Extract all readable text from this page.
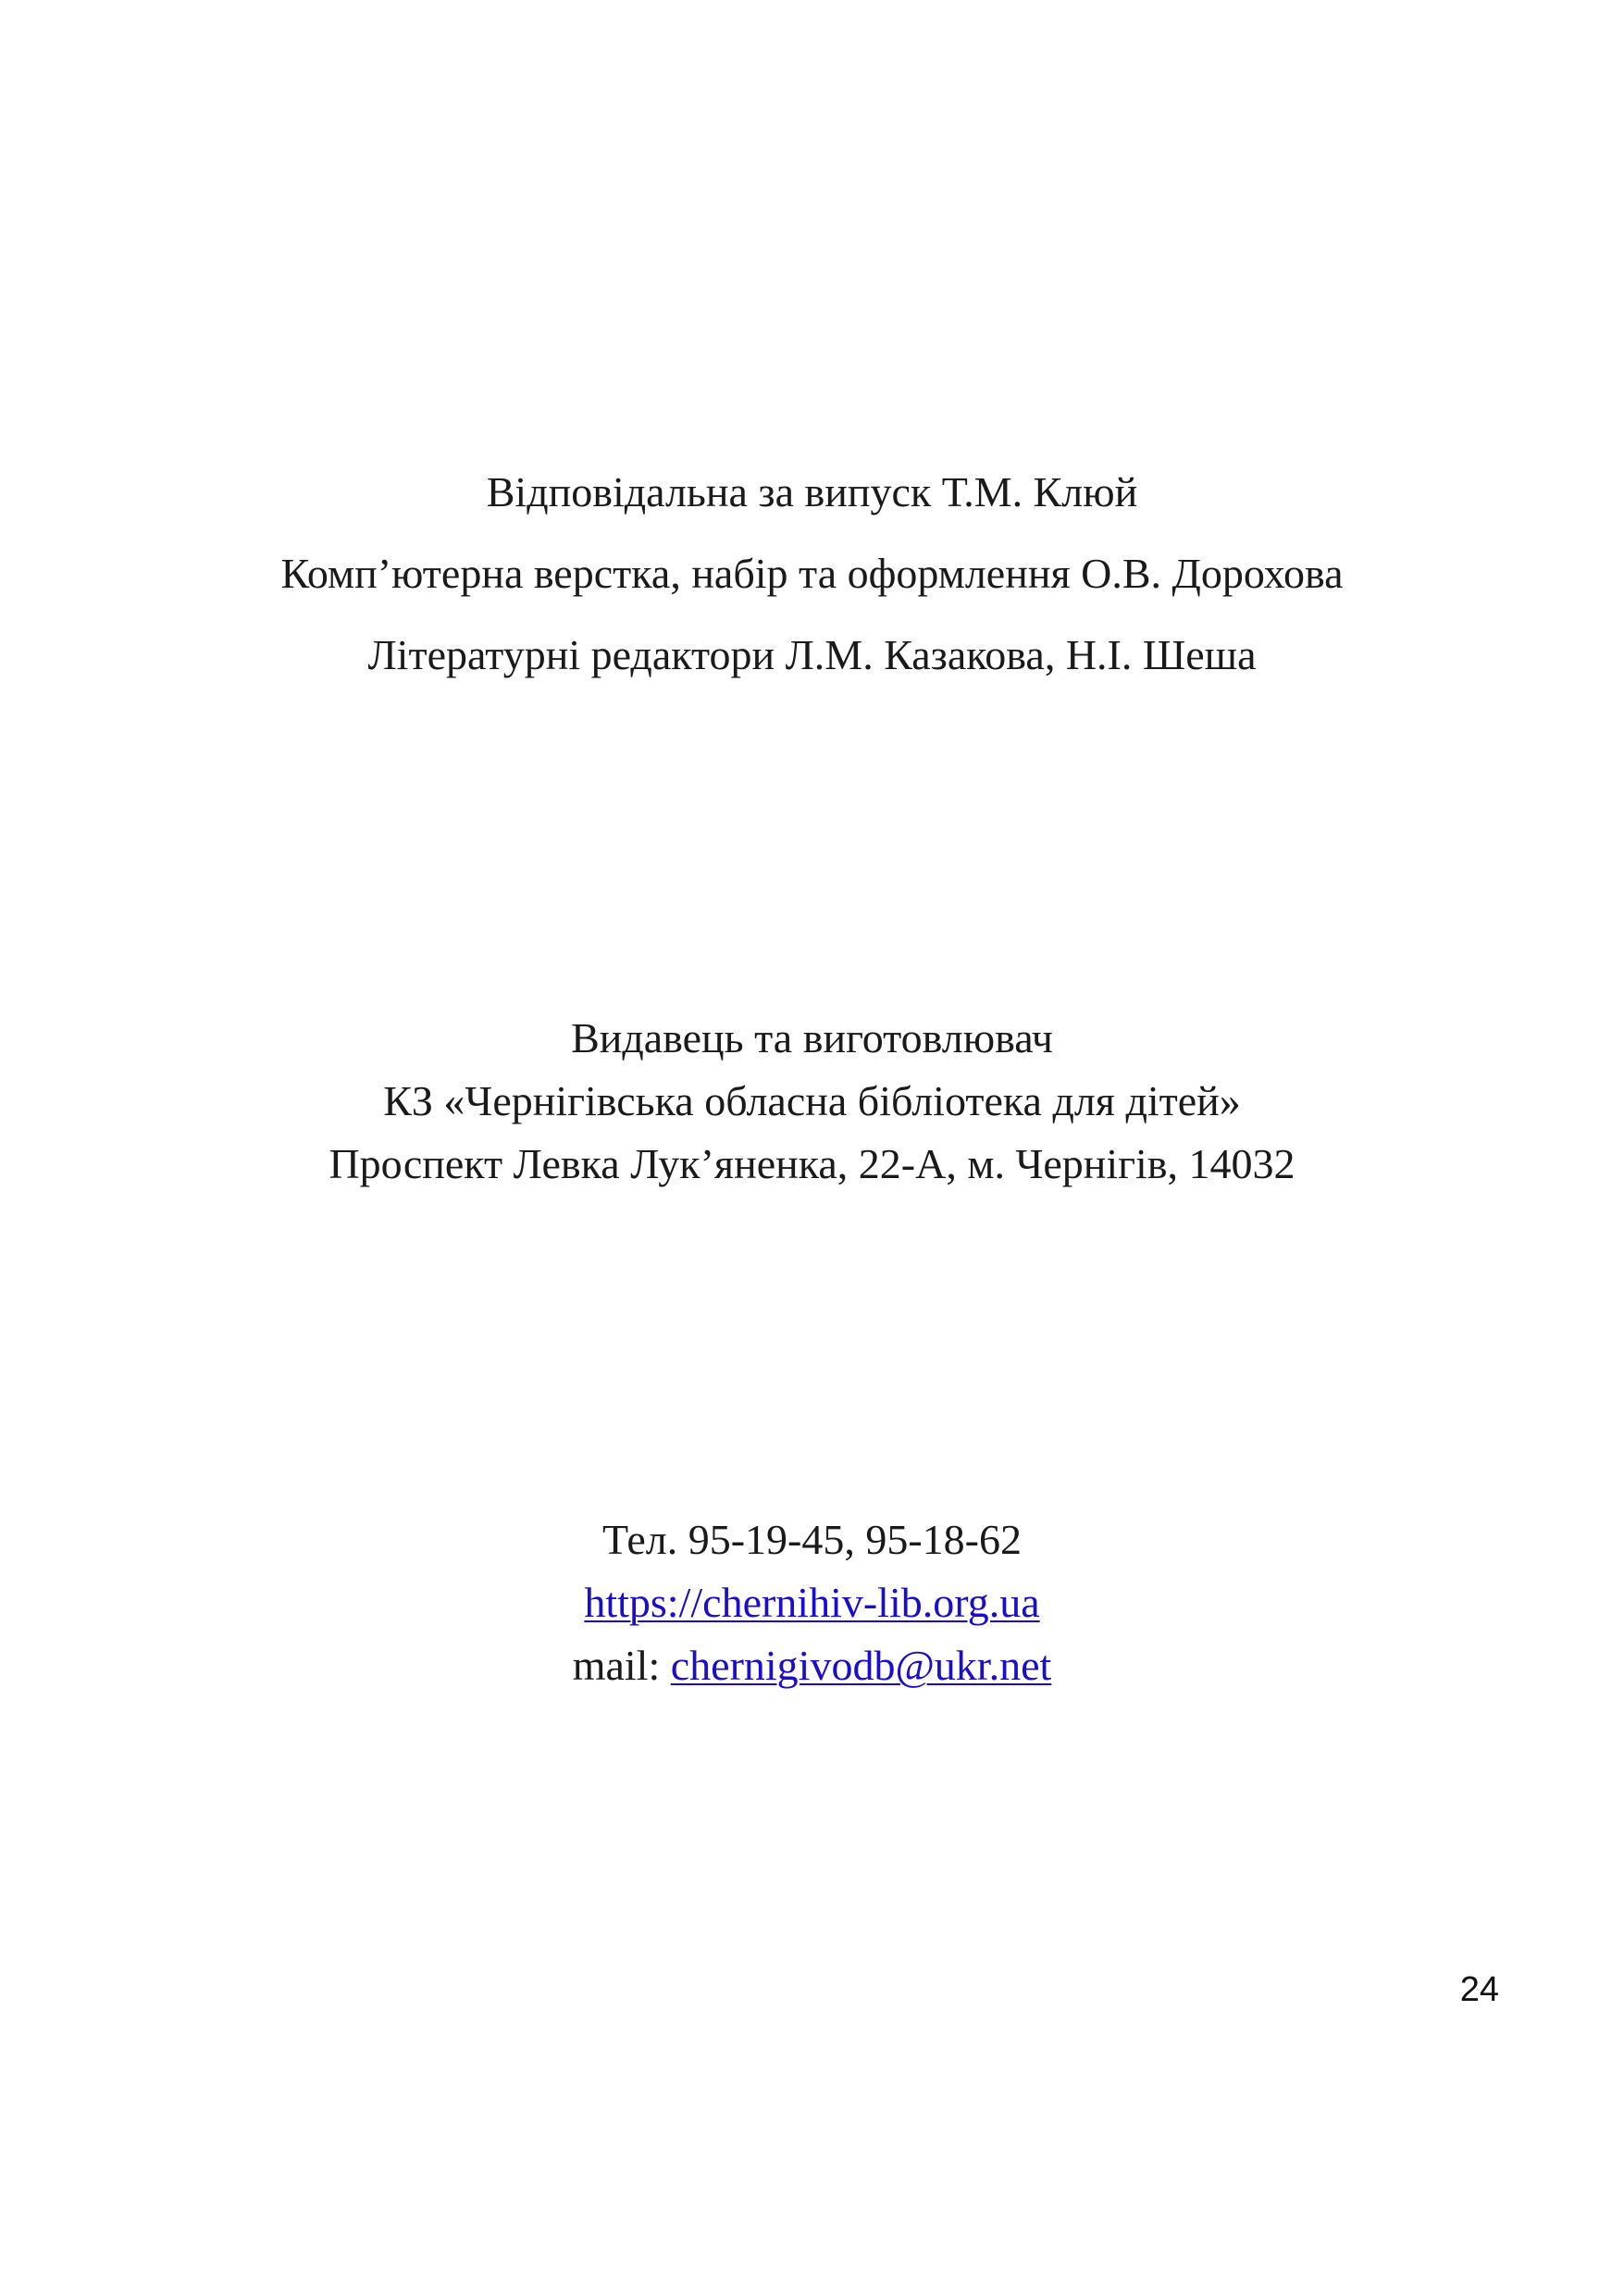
Відповідальна за випуск Т.М. Клюй
Комп’ютерна верстка, набір та оформлення О.В. Дорохова
Літературні редактори Л.М. Казакова, Н.І. Шеша
Видавець та виготовлювач
КЗ «Чернігівська обласна бібліотека для дітей»
Проспект Левка Лук’яненка, 22-А, м. Чернігів, 14032
Тел. 95-19-45, 95-18-62
https://chernihiv-lib.org.ua
mail: chernigivodb@ukr.net
24
